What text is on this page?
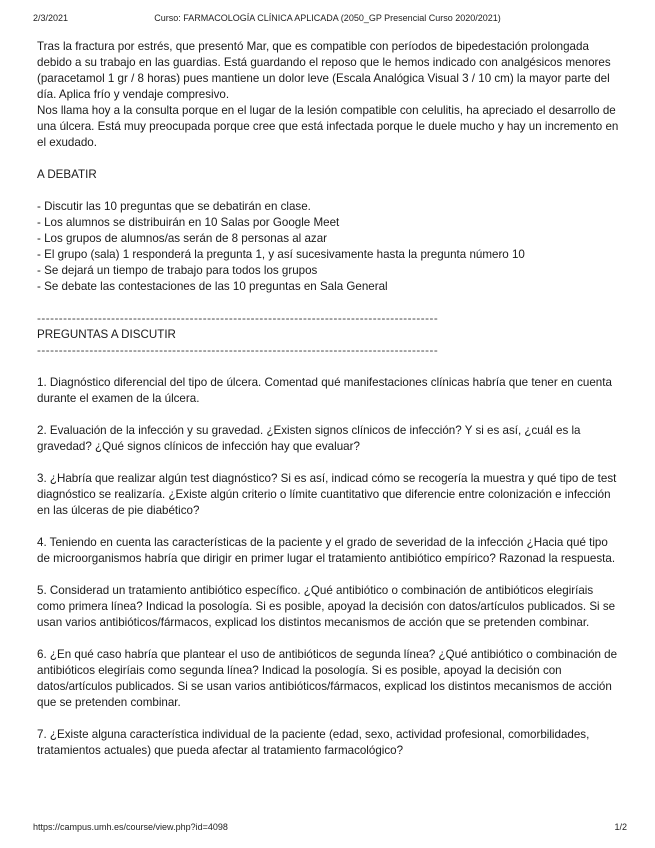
2/3/2021	Curso: FARMACOLOGÍA CLÍNICA APLICADA (2050_GP Presencial Curso 2020/2021)

Tras la fractura por estrés, que presentó Mar, que es compatible con períodos de bipedestación prolongada debido a su trabajo en las guardias. Está guardando el reposo que le hemos indicado con analgésicos menores (paracetamol 1 gr / 8 horas) pues mantiene un dolor leve (Escala Analógica Visual 3 / 10 cm) la mayor parte del día. Aplica frío y vendaje compresivo.

Nos llama hoy a la consulta porque en el lugar de la lesión compatible con celulitis, ha apreciado el desarrollo de una úlcera. Está muy preocupada porque cree que está infectada porque le duele mucho y hay un incremento en el exudado.

A DEBATIR

- Discutir las 10 preguntas que se debatirán en clase.
- Los alumnos se distribuirán en 10 Salas por Google Meet
- Los grupos de alumnos/as serán de 8 personas al azar
- El grupo (sala) 1 responderá la pregunta 1, y así sucesivamente hasta la pregunta número 10
- Se dejará un tiempo de trabajo para todos los grupos
- Se debate las contestaciones de las 10 preguntas en Sala General
--------------------------------------------------------------------------------------------

PREGUNTAS A DISCUTIR

--------------------------------------------------------------------------------------------

1. Diagnóstico diferencial del tipo de úlcera. Comentad qué manifestaciones clínicas habría que tener en cuenta durante el examen de la úlcera.

2. Evaluación de la infección y su gravedad. ¿Existen signos clínicos de infección? Y si es así, ¿cuál es la gravedad? ¿Qué signos clínicos de infección hay que evaluar?

3. ¿Habría que realizar algún test diagnóstico? Si es así, indicad cómo se recogería la muestra y qué tipo de test diagnóstico se realizaría. ¿Existe algún criterio o límite cuantitativo que diferencie entre colonización e infección en las úlceras de pie diabético?

4. Teniendo en cuenta las características de la paciente y el grado de severidad de la infección ¿Hacia qué tipo de microorganismos habría que dirigir en primer lugar el tratamiento antibiótico empírico? Razonad la respuesta.

5. Considerad un tratamiento antibiótico específico. ¿Qué antibiótico o combinación de antibióticos elegiríais como primera línea? Indicad la posología. Si es posible, apoyad la decisión con datos/artículos publicados. Si se usan varios antibióticos/fármacos, explicad los distintos mecanismos de acción que se pretenden combinar.

6. ¿En qué caso habría que plantear el uso de antibióticos de segunda línea? ¿Qué antibiótico o combinación de antibióticos elegiríais como segunda línea? Indicad la posología. Si es posible, apoyad la decisión con datos/artículos publicados. Si se usan varios antibióticos/fármacos, explicad los distintos mecanismos de acción que se pretenden combinar.

7. ¿Existe alguna característica individual de la paciente (edad, sexo, actividad profesional, comorbilidades, tratamientos actuales) que pueda afectar al tratamiento farmacológico?

https://campus.umh.es/course/view.php?id=4098	1/2
